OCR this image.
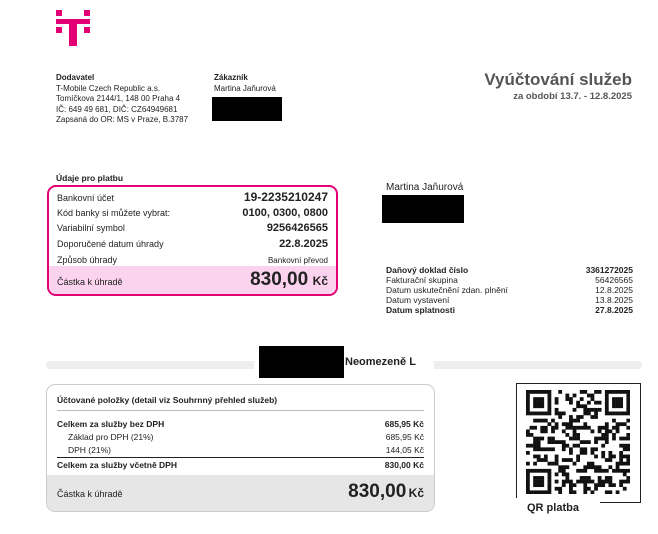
Dodavatel
T-Mobile Czech Republic a.s.
Tomíčkova 2144/1, 148 00 Praha 4
IČ: 649 49 681, DIČ: CZ64949681
Zapsaná do OR: MS v Praze, B.3787
Zákazník
Martina Jaňurová	Vyúčtování služeb
za období 13.7. - 12.8.2025
Údaje pro platbu
Bankovní účet	19-2235210247
Kód banky si můžete vybrat:	0100, 0300, 0800
Variabilní symbol	9256426565
Doporučené datum úhrady	22.8.2025
Způsob úhrady	Bankovní převod
Částka k úhradě	830,00 Kč
Martina Jaňurová
Daňový doklad číslo	3361272025
Fakturační skupina	56426565
Datum uskutečnění zdan. plnění	12.8.2025
Datum vystavení	13.8.2025
Datum splatnosti	27.8.2025
Neomezeně L
Účtované položky (detail viz Souhrnný přehled služeb)
Celkem za služby bez DPH	685,95 Kč
Základ pro DPH (21%)	685,95 Kč
DPH (21%)	144,05 Kč
Celkem za služby včetně DPH	830,00 Kč
Částka k úhradě	830,00 Kč
QR platba
